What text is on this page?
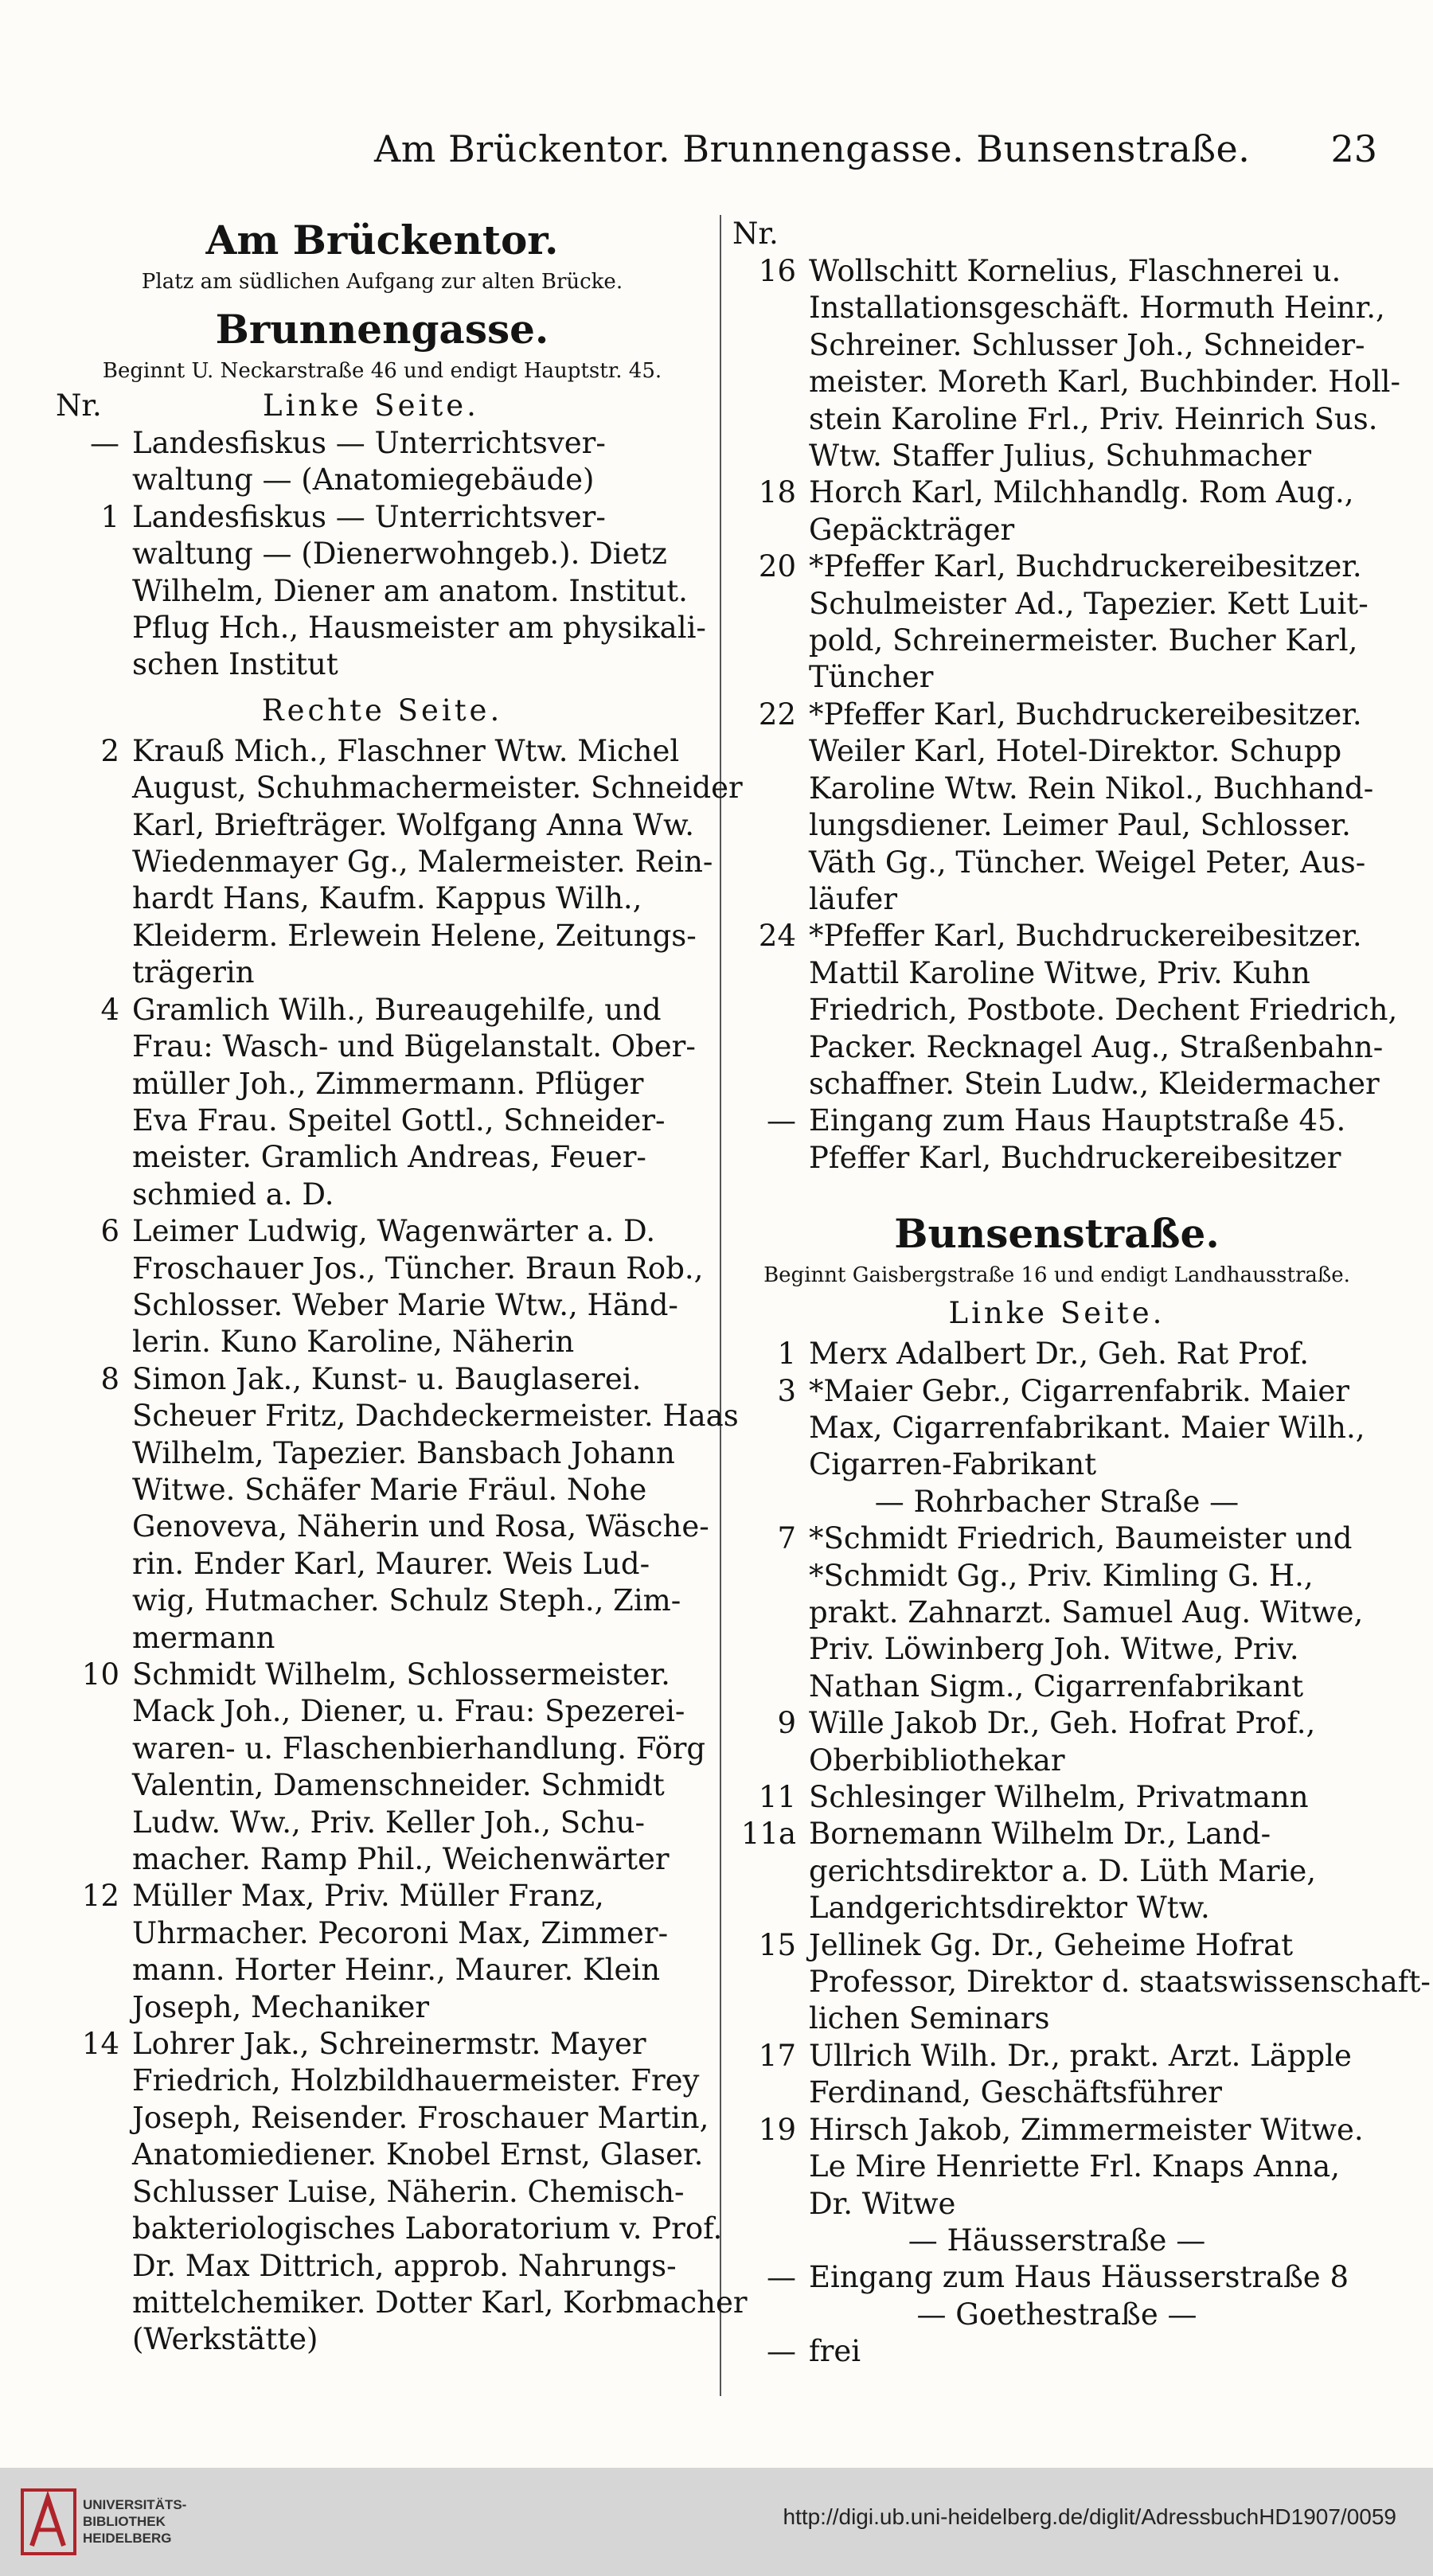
Am Brückentor. Brunnengasse. Bunsenstraße. 23
Am Brückentor.
Platz am südlichen Aufgang zur alten Brücke.
Brunnengasse.
Beginnt U. Neckarstraße 46 und endigt Hauptstr. 45.
Nr.	Linke Seite.
— Landesfiskus — Unterrichtsver-
waltung — (Anatomiegebäude)
1 Landesfiskus — Unterrichtsver-
waltung — (Dienerwohngeb.). Dietz
Wilhelm, Diener am anatom. Institut.
Pflug Hch., Hausmeister am physikali-
schen Institut
Rechte Seite.
2 Krauß Mich., Flaschner Wtw. Michel
August, Schuhmachermeister. Schneider
Karl, Briefträger. Wolfgang Anna Ww.
Wiedenmayer Gg., Malermeister. Rein-
hardt Hans, Kaufm. Kappus Wilh.,
Kleiderm. Erlewein Helene, Zeitungs-
trägerin
4 Gramlich Wilh., Bureaugehilfe, und
Frau: Wasch- und Bügelanstalt. Ober-
müller Joh., Zimmermann. Pflüger
Eva Frau. Speitel Gottl., Schneider-
meister. Gramlich Andreas, Feuer-
schmied a. D.
6 Leimer Ludwig, Wagenwärter a. D.
Froschauer Jos., Tüncher. Braun Rob.,
Schlosser. Weber Marie Wtw., Händ-
lerin. Kuno Karoline, Näherin
8 Simon Jak., Kunst- u. Bauglaserei.
Scheuer Fritz, Dachdeckermeister. Haas
Wilhelm, Tapezier. Bansbach Johann
Witwe. Schäfer Marie Fräul. Nohe
Genoveva, Näherin und Rosa, Wäsche-
rin. Ender Karl, Maurer. Weis Lud-
wig, Hutmacher. Schulz Steph., Zim-
mermann
10 Schmidt Wilhelm, Schlossermeister.
Mack Joh., Diener, u. Frau: Spezerei-
waren- u. Flaschenbierhandlung. Förg
Valentin, Damenschneider. Schmidt
Ludw. Ww., Priv. Keller Joh., Schu-
macher. Ramp Phil., Weichenwärter
12 Müller Max, Priv. Müller Franz,
Uhrmacher. Pecoroni Max, Zimmer-
mann. Horter Heinr., Maurer. Klein
Joseph, Mechaniker
14 Lohrer Jak., Schreinermstr. Mayer
Friedrich, Holzbildhauermeister. Frey
Joseph, Reisender. Froschauer Martin,
Anatomiediener. Knobel Ernst, Glaser.
Schlusser Luise, Näherin. Chemisch-
bakteriologisches Laboratorium v. Prof.
Dr. Max Dittrich, approb. Nahrungs-
mittelchemiker. Dotter Karl, Korbmacher
(Werkstätte)
Nr.
16 Wollschitt Kornelius, Flaschnerei u.
Installationsgeschäft. Hormuth Heinr.,
Schreiner. Schlusser Joh., Schneider-
meister. Moreth Karl, Buchbinder. Holl-
stein Karoline Frl., Priv. Heinrich Sus.
Wtw. Staffer Julius, Schuhmacher
18 Horch Karl, Milchhandlg. Rom Aug.,
Gepäckträger
20 *Pfeffer Karl, Buchdruckereibesitzer.
Schulmeister Ad., Tapezier. Kett Luit-
pold, Schreinermeister. Bucher Karl,
Tüncher
22 *Pfeffer Karl, Buchdruckereibesitzer.
Weiler Karl, Hotel-Direktor. Schupp
Karoline Wtw. Rein Nikol., Buchhand-
lungsdiener. Leimer Paul, Schlosser.
Väth Gg., Tüncher. Weigel Peter, Aus-
läufer
24 *Pfeffer Karl, Buchdruckereibesitzer.
Mattil Karoline Witwe, Priv. Kuhn
Friedrich, Postbote. Dechent Friedrich,
Packer. Recknagel Aug., Straßenbahn-
schaffner. Stein Ludw., Kleidermacher
— Eingang zum Haus Hauptstraße 45.
Pfeffer Karl, Buchdruckereibesitzer
Bunsenstraße.
Beginnt Gaisbergstraße 16 und endigt Landhausstraße.
Linke Seite.
1 Merx Adalbert Dr., Geh. Rat Prof.
3 *Maier Gebr., Cigarrenfabrik. Maier
Max, Cigarrenfabrikant. Maier Wilh.,
Cigarren-Fabrikant
— Rohrbacher Straße —
7 *Schmidt Friedrich, Baumeister und
*Schmidt Gg., Priv. Kimling G. H.,
prakt. Zahnarzt. Samuel Aug. Witwe,
Priv. Löwinberg Joh. Witwe, Priv.
Nathan Sigm., Cigarrenfabrikant
9 Wille Jakob Dr., Geh. Hofrat Prof.,
Oberbibliothekar
11 Schlesinger Wilhelm, Privatmann
11a Bornemann Wilhelm Dr., Land-
gerichtsdirektor a. D. Lüth Marie,
Landgerichtsdirektor Wtw.
15 Jellinek Gg. Dr., Geheime Hofrat
Professor, Direktor d. staatswissenschaft-
lichen Seminars
17 Ullrich Wilh. Dr., prakt. Arzt. Läpple
Ferdinand, Geschäftsführer
19 Hirsch Jakob, Zimmermeister Witwe.
Le Mire Henriette Frl. Knaps Anna,
Dr. Witwe
— Häusserstraße —
— Eingang zum Haus Häusserstraße 8
— Goethestraße —
— frei
UNIVERSITÄTS-
BIBLIOTHEK
HEIDELBERG
http://digi.ub.uni-heidelberg.de/diglit/AdressbuchHD1907/0059
